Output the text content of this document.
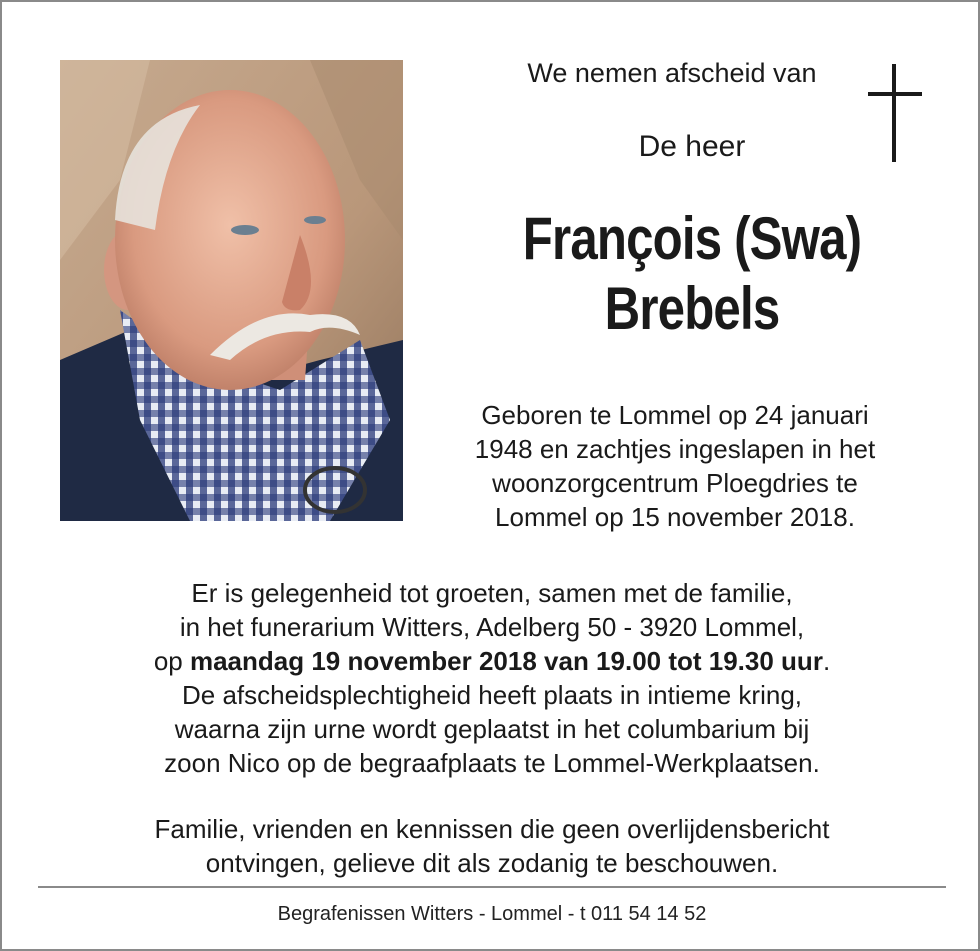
We nemen afscheid van
De heer
François (Swa)
Brebels
Geboren te Lommel op 24 januari
1948 en zachtjes ingeslapen in het
woonzorgcentrum Ploegdries te
Lommel op 15 november 2018.
Er is gelegenheid tot groeten, samen met de familie,
in het funerarium Witters, Adelberg 50 - 3920 Lommel,
op maandag 19 november 2018 van 19.00 tot 19.30 uur.
De afscheidsplechtigheid heeft plaats in intieme kring,
waarna zijn urne wordt geplaatst in het columbarium bij
zoon Nico op de begraafplaats te Lommel-Werkplaatsen.
Familie, vrienden en kennissen die geen overlijdensbericht
ontvingen, gelieve dit als zodanig te beschouwen.
Begrafenissen Witters - Lommel - t 011 54 14 52
